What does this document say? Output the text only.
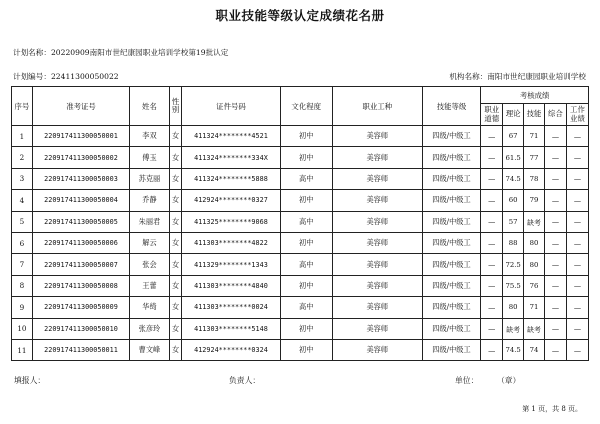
职业技能等级认定成绩花名册
计划名称：20220909南阳市世纪康园职业培训学校第19批认定
计划编号：22411300050022	机构名称：南阳市世纪康园职业培训学校
序号	准考证号	姓名	性别	证件号码	文化程度	职业工种	技能等级	考核成绩				
								职业道德	理论	技能	综合	工作业绩
1	220917411300050001	李双	女	411324********4521	初中	美容师	四级/中级工	—	67	71	—	—
2	220917411300050002	傅玉	女	411324********334X	初中	美容师	四级/中级工	—	61.5	77	—	—
3	220917411300050003	苏克丽	女	411324********5888	高中	美容师	四级/中级工	—	74.5	78	—	—
4	220917411300050004	乔静	女	412924********0327	初中	美容师	四级/中级工	—	60	79	—	—
5	220917411300050005	朱丽君	女	411325********9068	高中	美容师	四级/中级工	—	57	缺考	—	—
6	220917411300050006	解云	女	411303********4822	初中	美容师	四级/中级工	—	88	80	—	—
7	220917411300050007	张会	女	411329********1343	高中	美容师	四级/中级工	—	72.5	80	—	—
8	220917411300050008	王蕾	女	411303********4840	初中	美容师	四级/中级工	—	75.5	76	—	—
9	220917411300050009	华绮	女	411303********0024	高中	美容师	四级/中级工	—	80	71	—	—
10	220917411300050010	张彦玲	女	411303********5148	初中	美容师	四级/中级工	—	缺考	缺考	—	—
11	220917411300050011	曹文峰	女	412924********0324	初中	美容师	四级/中级工	—	74.5	74	—	—
填报人：	负责人：	单位： （章）
第 1 页，共 8 页。
